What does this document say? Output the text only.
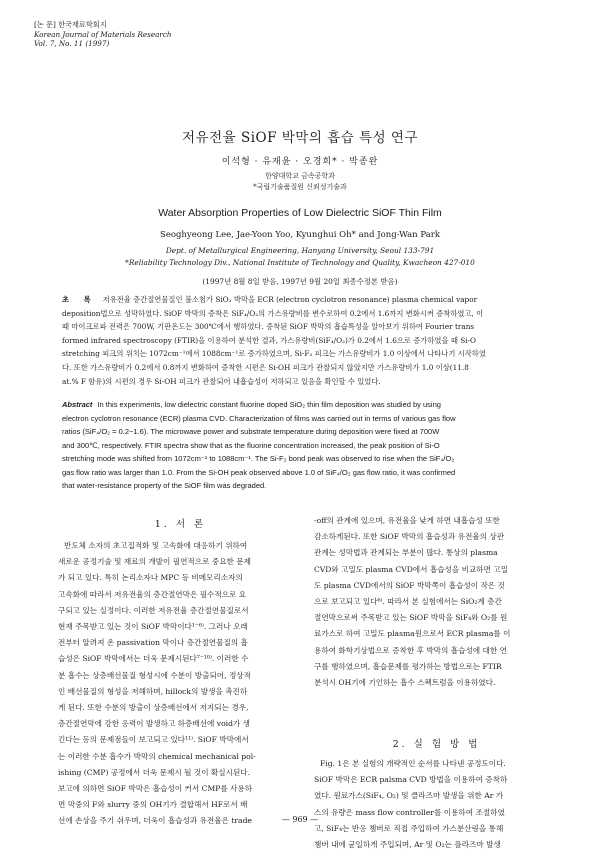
[논 문] 한국재료학회지
Korean Journal of Materials Research
Vol. 7, No. 11 (1997)
저유전율 SiOF 박막의 흡습 특성 연구
이석형 · 유재윤 · 오경희* · 박종완
한양대학교 금속공학과
*국립기술품질원 신뢰성기술과
Water Absorption Properties of Low Dielectric SiOF Thin Film
Seoghyeong Lee, Jae-Yoon Yoo, Kyunghui Oh* and Jong-Wan Park
Dept. of Metallurgical Engineering, Hanyang University, Seoul 133-791
*Reliability Technology Div., National Institute of Technology and Quality, Kwacheon 427-010
(1997년 8월 8일 받음, 1997년 9월 20일 최종수정본 받음)
초 록 저유전율 층간절연물질인 불소첨가 SiO₂ 박막을 ECR (electron cyclotron resonance) plasma chemical vapor
deposition법으로 성막하였다. SiOF 박막의 증착은 SiF₄/O₂의 가스유량비를 변수로하여 0.2에서 1.6까지 변화시켜 증착하였고, 이
때 마이크로파 전력은 700W, 기판온도는 300℃에서 행하였다. 증착된 SiOF 박막의 흡습특성을 알아보기 위하여 Fourier trans
formed infrared spectroscopy (FTIR)을 이용하여 분석한 결과, 가스유량비(SiF₄/O₂)가 0.2에서 1.6으로 증가하였을 때 Si-O
stretching 피크의 위치는 1072cm⁻¹에서 1088cm⁻¹로 증가하였으며, Si-F₂ 피크는 가스유량비가 1.0 이상에서 나타나기 시작하였
다. 또한 가스유량비가 0.2에서 0.8까지 변화하여 증착한 시편은 Si-OH 피크가 관찰되지 않았지만 가스유량비가 1.0 이상(11.8
at.% F 함유)의 시편의 경우 Si-OH 피크가 관찰되어 내흡습성이 저하되고 있음을 확인할 수 있었다.
Abstract In this experiments, low dielectric constant fluorine doped SiO₂ thin film deposition was studied by using
electron cyclotron resonance (ECR) plasma CVD. Characterization of films was carried out in terms of various gas flow
ratios (SiF₄/O₂ = 0.2~1.6). The microwave power and substrate temperature during deposition were fixed at 700W
and 300℃, respectively. FTIR spectra show that as the fluorine concentration increased, the peak position of Si-O
stretching mode was shifted from 1072cm⁻¹ to 1088cm⁻¹. The Si-F₂ bond peak was observed to rise when the SiF₄/O₂
gas flow ratio was larger than 1.0. From the Si-OH peak observed above 1.0 of SiF₄/O₂ gas flow ratio, it was confirmed
that water-resistance property of the SiOF film was degraded.
1. 서 론
반도체 소자의 초고집적화 및 고속화에 대응하기 위하여
새로운 공정기술 및 재료의 개발이 필연적으로 중요한 문제
가 되고 있다. 특히 논리소자나 MPC 등 비메모리소자의
고속화에 따라서 저유전율의 층간절연막은 필수적으로 요
구되고 있는 실정이다. 이러한 저유전율 층간절연물질로서
현재 주목받고 있는 것이 SiOF 박막이다¹⁻⁶⁾. 그러나 오래
전부터 알려져 온 passivation 막이나 층간절연물질의 흡
습성은 SiOF 박막에서는 더욱 문제시된다⁷⁻¹⁰⁾. 이러한 수
분 흡수는 상층배선물질 형성시에 수분이 방출되어, 정상적
인 배선물질의 형성을 저해하며, hillock의 발생을 촉진하
게 된다. 또한 수분의 방출이 상층배선에서 저지되는 경우,
층간절연막에 강한 응력이 발생하고 하층배선에 void가 생
긴다는 등의 문제점들이 보고되고 있다¹¹⁾. SiOF 박막에서
는 이러한 수분 흡수가 박막의 chemical mechanical pol-
ishing (CMP) 공정에서 더욱 문제시 될 것이 확실시된다.
보고에 의하면 SiOF 박막은 흡습성이 커서 CMP를 사용하
면 막중의 F와 slurry 중의 OH기가 결합해서 HF로서 배
선에 손상을 주기 쉬우며, 더욱이 흡습성과 유전율은 trade
-off의 관계에 있으며, 유전율을 낮게 하면 내흡습성 또한
감소하게된다. 또한 SiOF 박막의 흡습성과 유전율의 상관
관계는 성막법과 관계되는 부분이 많다. 통상의 plasma
CVD와 고밀도 plasma CVD에서 흡습성을 비교하면 고밀
도 plasma CVD에서의 SiOF 박막쪽이 흡습성이 작은 것
으로 보고되고 있다⁶⁾. 따라서 본 실험에서는 SiO₂계 층간
절연막으로써 주목받고 있는 SiOF 박막을 SiF₄와 O₂를 원
료가스로 하여 고밀도 plasma원으로서 ECR plasma를 이
용하여 화학기상법으로 증착한 후 박막의 흡습성에 대한 연
구를 행하였으며, 흡습문제를 평가하는 방법으로는 FTIR
분석시 OH기에 기인하는 흡수 스펙트럼을 이용하였다.
2. 실 험 방 법
Fig. 1은 본 실험의 개략적인 순서를 나타낸 공정도이다.
SiOF 박막은 ECR palsma CVD 방법을 이용하여 증착하
였다. 원료가스(SiF₄, O₂) 및 클라즈마 발생을 위한 Ar 가
스의 유량은 mass flow controller를 이용하여 조절하였
고, SiF₄는 반응 챔버로 직접 주입하여 가스분산링을 통해
챔버 내에 균일하게 주입되며, Ar 및 O₂는 플라즈마 발생
— 969 —
